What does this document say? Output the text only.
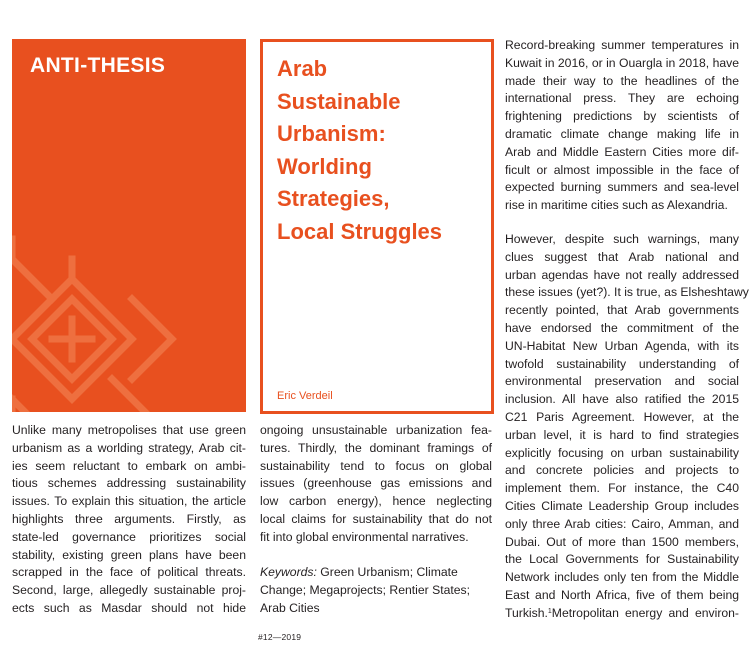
ANTI-THESIS	Arab
Sustainable
Urbanism:
Worlding
Strategies,
Local Struggles
Eric Verdeil

Unlike many metropolises that use green
urbanism as a worlding strategy, Arab cit-
ies seem reluctant to embark on ambi-
tious schemes addressing sustainability
issues. To explain this situation, the article
highlights three arguments. Firstly, as
state-led governance prioritizes social
stability, existing green plans have been
scrapped in the face of political threats.
Second, large, allegedly sustainable proj-
ects such as Masdar should not hide

ongoing unsustainable urbanization fea-
tures. Thirdly, the dominant framings of
sustainability tend to focus on global
issues (greenhouse gas emissions and
low carbon energy), hence neglecting
local claims for sustainability that do not
fit into global environmental narratives.

Keywords: Green Urbanism; Climate
Change; Megaprojects; Rentier States;
Arab Cities

Record-breaking summer temperatures in
Kuwait in 2016, or in Ouargla in 2018, have
made their way to the headlines of the
international press. They are echoing
frightening predictions by scientists of
dramatic climate change making life in
Arab and Middle Eastern Cities more dif-
ficult or almost impossible in the face of
expected burning summers and sea-level
rise in maritime cities such as Alexandria.

However, despite such warnings, many
clues suggest that Arab national and
urban agendas have not really addressed
these issues (yet?). It is true, as Elsheshtawy
recently pointed, that Arab governments
have endorsed the commitment of the
UN-Habitat New Urban Agenda, with its
twofold sustainability understanding of
environmental preservation and social
inclusion. All have also ratified the 2015
C21 Paris Agreement. However, at the
urban level, it is hard to find strategies
explicitly focusing on urban sustainability
and concrete policies and projects to
implement them. For instance, the C40
Cities Climate Leadership Group includes
only three Arab cities: Cairo, Amman, and
Dubai. Out of more than 1500 members,
the Local Governments for Sustainability
Network includes only ten from the Middle
East and North Africa, five of them being
Turkish.$^1$Metropolitan energy and environ-

#12—2019
